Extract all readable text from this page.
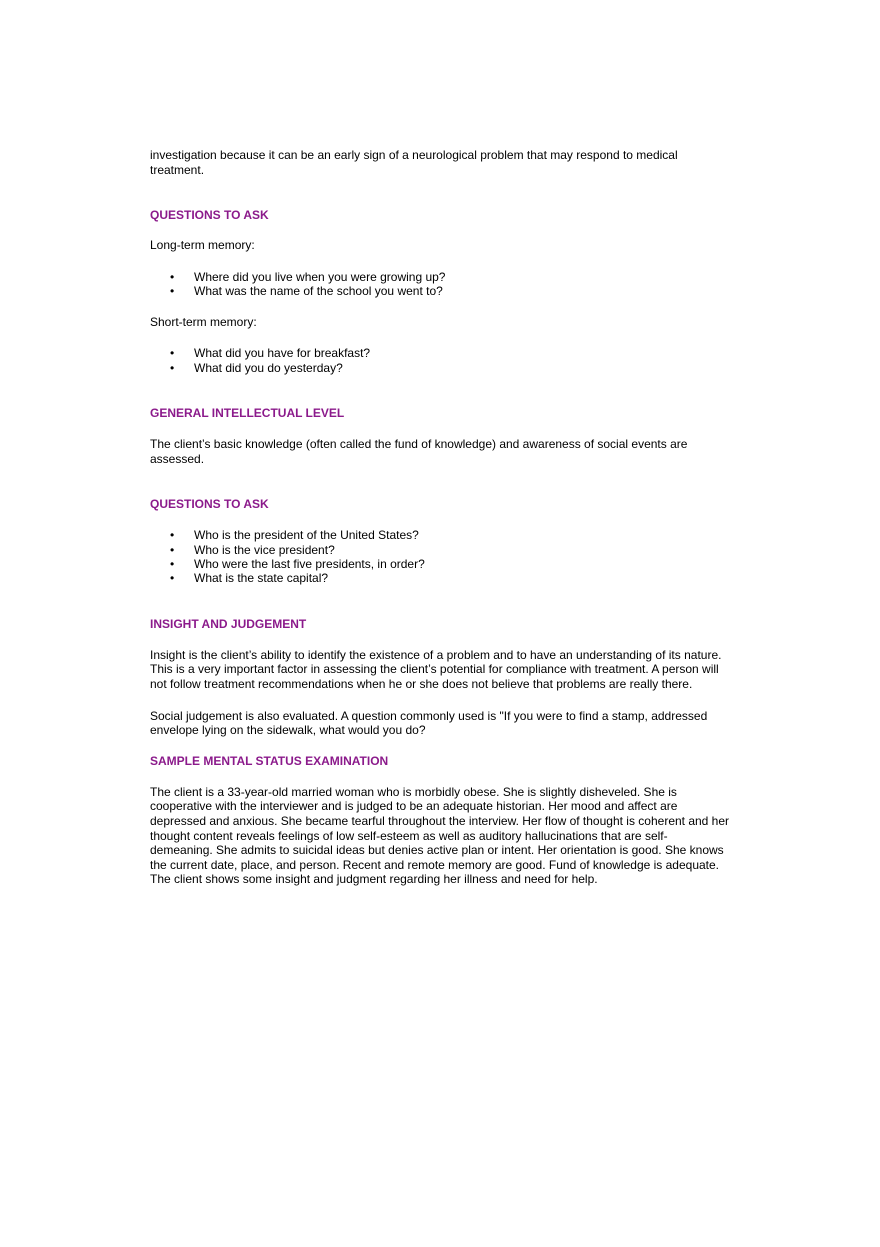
investigation because it can be an early sign of a neurological problem that may respond to medical treatment.

QUESTIONS TO ASK

Long-term memory:

• Where did you live when you were growing up?
• What was the name of the school you went to?

Short-term memory:

• What did you have for breakfast?
• What did you do yesterday?

GENERAL INTELLECTUAL LEVEL

The client’s basic knowledge (often called the fund of knowledge) and awareness of social events are assessed.

QUESTIONS TO ASK

• Who is the president of the United States?
• Who is the vice president?
• Who were the last five presidents, in order?
• What is the state capital?

INSIGHT AND JUDGEMENT

Insight is the client’s ability to identify the existence of a problem and to have an understanding of its nature. This is a very important factor in assessing the client’s potential for compliance with treatment. A person will not follow treatment recommendations when he or she does not believe that problems are really there.

Social judgement is also evaluated. A question commonly used is "If you were to find a stamp, addressed envelope lying on the sidewalk, what would you do?

SAMPLE MENTAL STATUS EXAMINATION

The client is a 33-year-old married woman who is morbidly obese. She is slightly disheveled. She is cooperative with the interviewer and is judged to be an adequate historian. Her mood and affect are depressed and anxious. She became tearful throughout the interview. Her flow of thought is coherent and her thought content reveals feelings of low self-esteem as well as auditory hallucinations that are self-demeaning. She admits to suicidal ideas but denies active plan or intent. Her orientation is good. She knows the current date, place, and person. Recent and remote memory are good. Fund of knowledge is adequate. The client shows some insight and judgment regarding her illness and need for help.
